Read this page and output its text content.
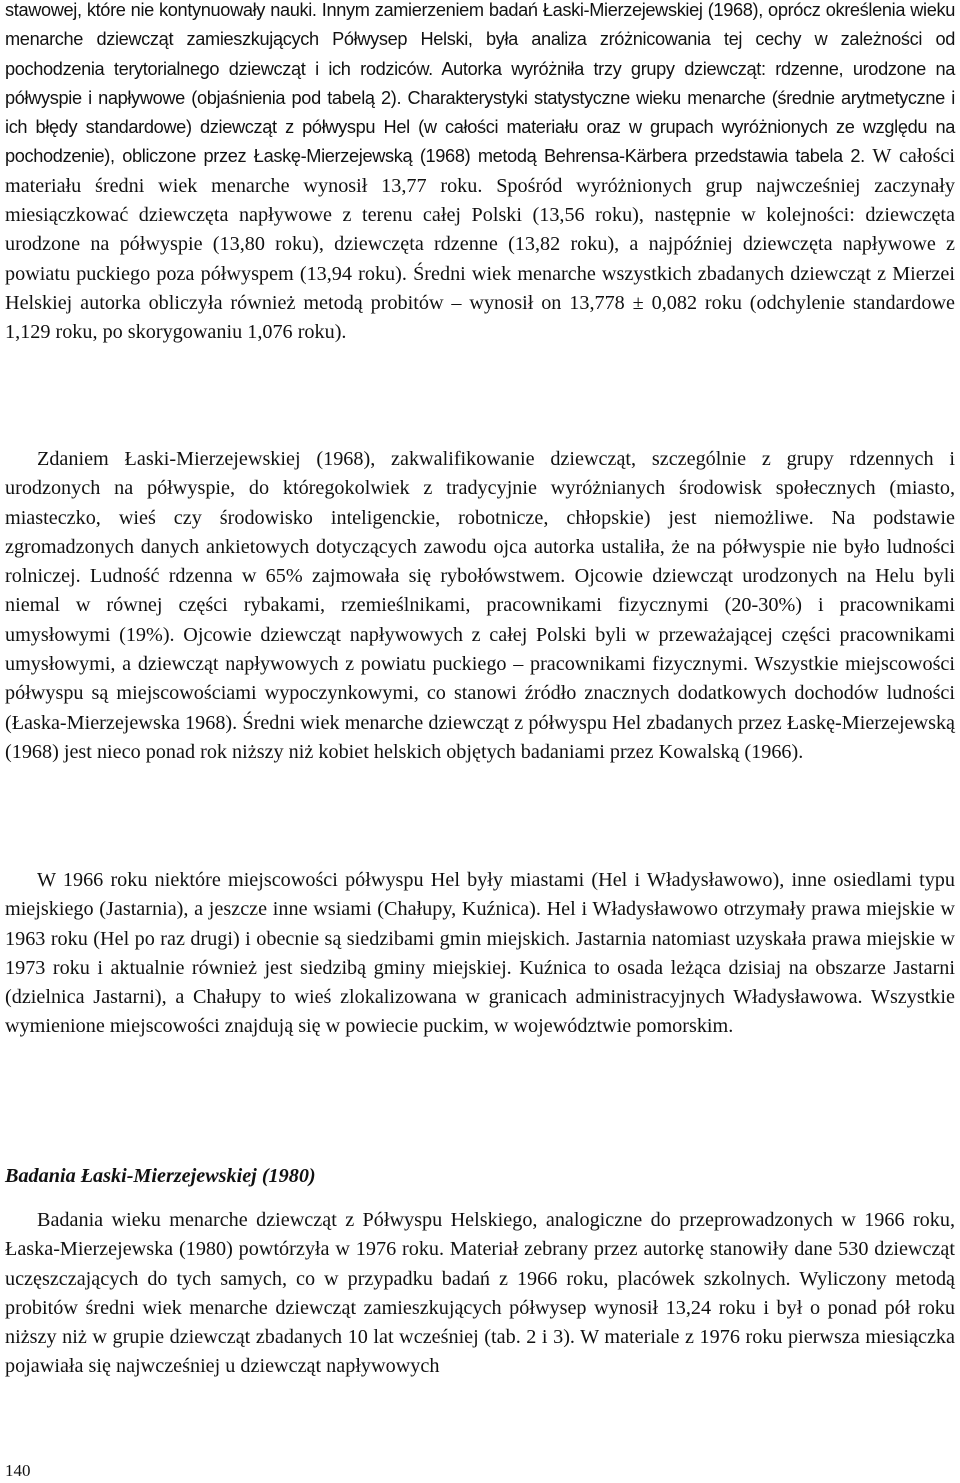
stawowej, które nie kontynuowały nauki. Innym zamierzeniem badań Łaski-Mierzejewskiej (1968), oprócz określenia wieku menarche dziewcząt zamieszkujących Półwysep Helski, była analiza zróżnicowania tej cechy w zależności od pochodzenia terytorialnego dziewcząt i ich rodziców. Autorka wyróżniła trzy grupy dziewcząt: rdzenne, urodzone na półwyspie i napływowe (objaśnienia pod tabelą 2). Charakterystyki statystyczne wieku menarche (średnie arytmetyczne i ich błędy standardowe) dziewcząt z półwyspu Hel (w całości materiału oraz w grupach wyróżnionych ze względu na pochodzenie), obliczone przez Łaskę-Mierzejewską (1968) metodą Behrensa-Kärbera przedstawia tabela 2. W całości materiału średni wiek menarche wynosił 13,77 roku. Spośród wyróżnionych grup najwcześniej zaczynały miesiączkować dziewczęta napływowe z terenu całej Polski (13,56 roku), następnie w kolejności: dziewczęta urodzone na półwyspie (13,80 roku), dziewczęta rdzenne (13,82 roku), a najpóźniej dziewczęta napływowe z powiatu puckiego poza półwyspem (13,94 roku). Średni wiek menarche wszystkich zbadanych dziewcząt z Mierzei Helskiej autorka obliczyła również metodą probitów – wynosił on 13,778 ± 0,082 roku (odchylenie standardowe 1,129 roku, po skorygowaniu 1,076 roku).

Zdaniem Łaski-Mierzejewskiej (1968), zakwalifikowanie dziewcząt, szczególnie z grupy rdzennych i urodzonych na półwyspie, do któregokolwiek z tradycyjnie wyróżnianych środowisk społecznych (miasto, miasteczko, wieś czy środowisko inteligenckie, robotnicze, chłopskie) jest niemożliwe. Na podstawie zgromadzonych danych ankietowych dotyczących zawodu ojca autorka ustaliła, że na półwyspie nie było ludności rolniczej. Ludność rdzenna w 65% zajmowała się rybołówstwem. Ojcowie dziewcząt urodzonych na Helu byli niemal w równej części rybakami, rzemieślnikami, pracownikami fizycznymi (20-30%) i pracownikami umysłowymi (19%). Ojcowie dziewcząt napływowych z całej Polski byli w przeważającej części pracownikami umysłowymi, a dziewcząt napływowych z powiatu puckiego – pracownikami fizycznymi. Wszystkie miejscowości półwyspu są miejscowościami wypoczynkowymi, co stanowi źródło znacznych dodatkowych dochodów ludności (Łaska-Mierzejewska 1968). Średni wiek menarche dziewcząt z półwyspu Hel zbadanych przez Łaskę-Mierzejewską (1968) jest nieco ponad rok niższy niż kobiet helskich objętych badaniami przez Kowalską (1966).

W 1966 roku niektóre miejscowości półwyspu Hel były miastami (Hel i Władysławowo), inne osiedlami typu miejskiego (Jastarnia), a jeszcze inne wsiami (Chałupy, Kuźnica). Hel i Władysławowo otrzymały prawa miejskie w 1963 roku (Hel po raz drugi) i obecnie są siedzibami gmin miejskich. Jastarnia natomiast uzyskała prawa miejskie w 1973 roku i aktualnie również jest siedzibą gminy miejskiej. Kuźnica to osada leżąca dzisiaj na obszarze Jastarni (dzielnica Jastarni), a Chałupy to wieś zlokalizowana w granicach administracyjnych Władysławowa. Wszystkie wymienione miejscowości znajdują się w powiecie puckim, w województwie pomorskim.

Badania Łaski-Mierzejewskiej (1980)

Badania wieku menarche dziewcząt z Półwyspu Helskiego, analogiczne do przeprowadzonych w 1966 roku, Łaska-Mierzejewska (1980) powtórzyła w 1976 roku. Materiał zebrany przez autorkę stanowiły dane 530 dziewcząt uczęszczających do tych samych, co w przypadku badań z 1966 roku, placówek szkolnych. Wyliczony metodą probitów średni wiek menarche dziewcząt zamieszkujących półwysep wynosił 13,24 roku i był o ponad pół roku niższy niż w grupie dziewcząt zbadanych 10 lat wcześniej (tab. 2 i 3). W materiale z 1976 roku pierwsza miesiączka pojawiała się najwcześniej u dziewcząt napływowych

140
